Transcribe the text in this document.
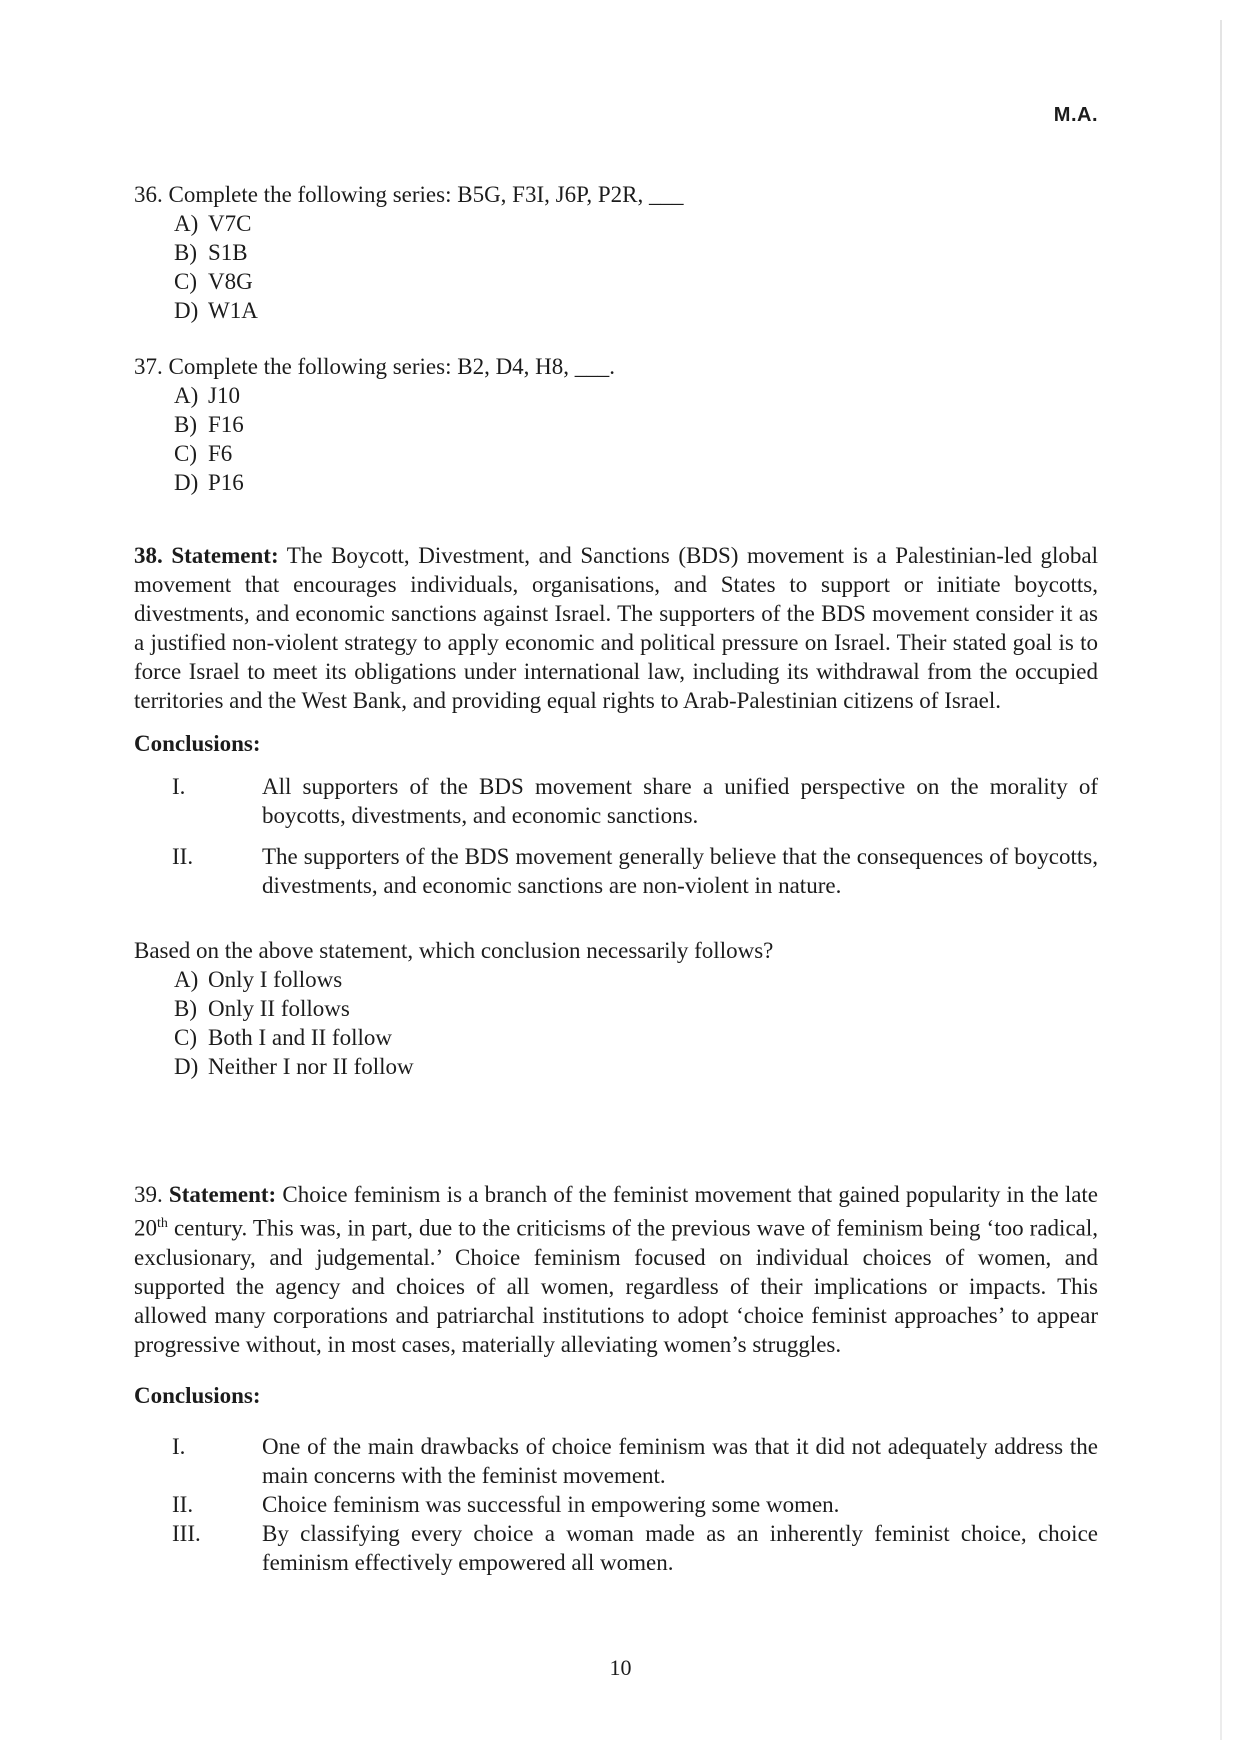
M.A.
36. Complete the following series: B5G, F3I, J6P, P2R, ___
A) V7C
B) S1B
C) V8G
D) W1A
37. Complete the following series: B2, D4, H8, ___.
A) J10
B) F16
C) F6
D) P16
38. Statement: The Boycott, Divestment, and Sanctions (BDS) movement is a Palestinian-led global movement that encourages individuals, organisations, and States to support or initiate boycotts, divestments, and economic sanctions against Israel. The supporters of the BDS movement consider it as a justified non-violent strategy to apply economic and political pressure on Israel. Their stated goal is to force Israel to meet its obligations under international law, including its withdrawal from the occupied territories and the West Bank, and providing equal rights to Arab-Palestinian citizens of Israel.
Conclusions:
I.	All supporters of the BDS movement share a unified perspective on the morality of boycotts, divestments, and economic sanctions.
II.	The supporters of the BDS movement generally believe that the consequences of boycotts, divestments, and economic sanctions are non-violent in nature.
Based on the above statement, which conclusion necessarily follows?
A) Only I follows
B) Only II follows
C) Both I and II follow
D) Neither I nor II follow
39. Statement: Choice feminism is a branch of the feminist movement that gained popularity in the late 20th century. This was, in part, due to the criticisms of the previous wave of feminism being ‘too radical, exclusionary, and judgemental.’ Choice feminism focused on individual choices of women, and supported the agency and choices of all women, regardless of their implications or impacts. This allowed many corporations and patriarchal institutions to adopt ‘choice feminist approaches’ to appear progressive without, in most cases, materially alleviating women’s struggles.
Conclusions:
I.	One of the main drawbacks of choice feminism was that it did not adequately address the main concerns with the feminist movement.
II.	Choice feminism was successful in empowering some women.
III.	By classifying every choice a woman made as an inherently feminist choice, choice feminism effectively empowered all women.
10
